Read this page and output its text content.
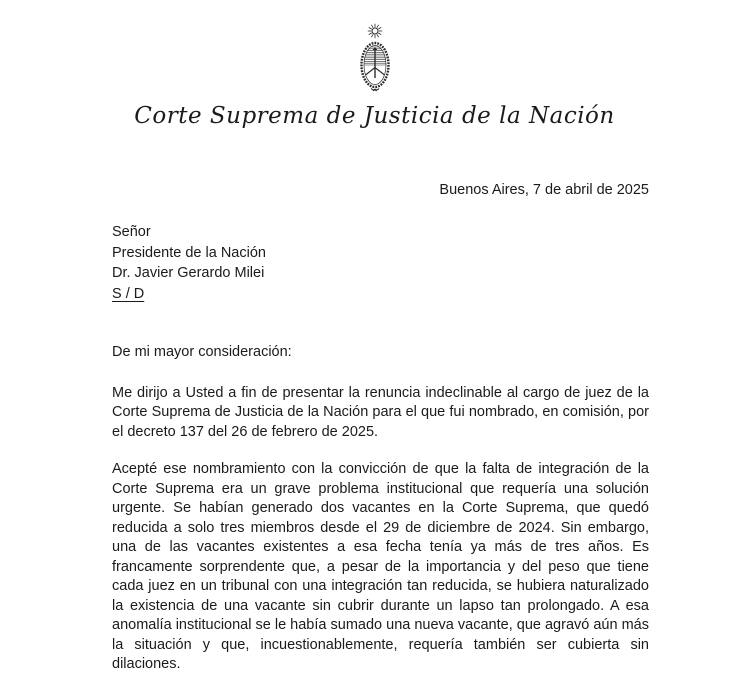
Corte Suprema de Justicia de la Nación
Buenos Aires, 7 de abril de 2025
Señor
Presidente de la Nación
Dr. Javier Gerardo Milei
S / D
De mi mayor consideración:

Me dirijo a Usted a fin de presentar la renuncia indeclinable al cargo de juez de la Corte Suprema de Justicia de la Nación para el que fui nombrado, en comisión, por el decreto 137 del 26 de febrero de 2025.

Acepté ese nombramiento con la convicción de que la falta de integración de la Corte Suprema era un grave problema institucional que requería una solución urgente. Se habían generado dos vacantes en la Corte Suprema, que quedó reducida a solo tres miembros desde el 29 de diciembre de 2024. Sin embargo, una de las vacantes existentes a esa fecha tenía ya más de tres años. Es francamente sorprendente que, a pesar de la importancia y del peso que tiene cada juez en un tribunal con una integración tan reducida, se hubiera naturalizado la existencia de una vacante sin cubrir durante un lapso tan prolongado. A esa anomalía institucional se le había sumado una nueva vacante, que agravó aún más la situación y que, incuestionablemente, requería también ser cubierta sin dilaciones.
